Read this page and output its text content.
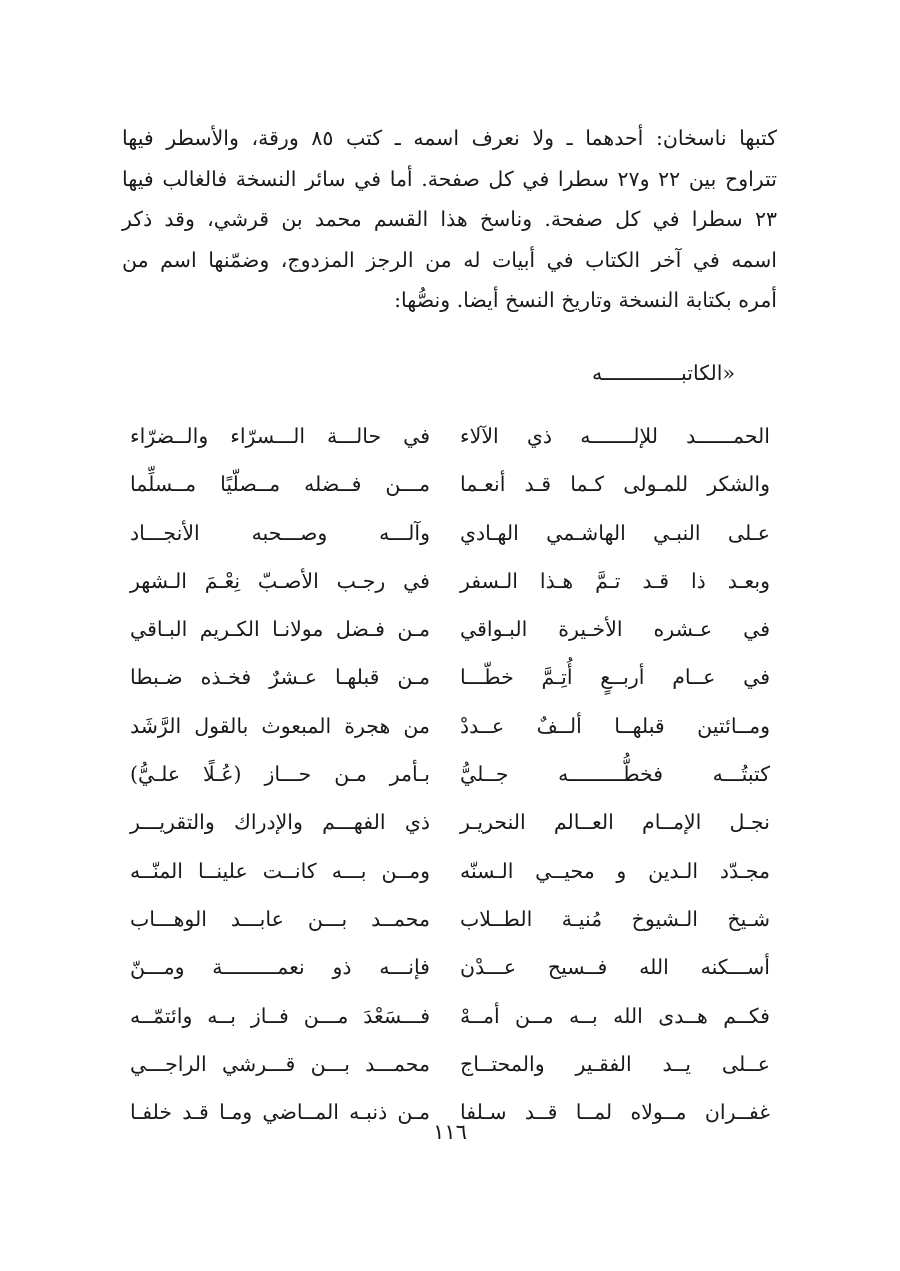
كتبها ناسخان: أحدهما ـ ولا نعرف اسمه ـ كتب ٨٥ ورقة، والأسطر فيها
تتراوح بين ٢٢ و٢٧ سطرا في كل صفحة. أما في سائر النسخة فالغالب فيها
٢٣ سطرا في كل صفحة. وناسخ هذا القسم محمد بن قرشي، وقد ذكر
اسمه في آخر الكتاب في أبيات له من الرجز المزدوج، وضمّنها اسم من
أمره بكتابة النسخة وتاريخ النسخ أيضا. ونصُّها:

«الكاتبـــــــــــــه

الحمــــــد للإلـــــــه ذي الآلاء
والشكر للمـولى كـما قـد أنعـما
عـلى النبـي الهاشـمي الهـادي
وبعـد ذا قـد تـمَّ هـذا الـسفر
في عـشره الأخـيرة البـواقي
في عــام أربــعٍ أُتِـمَّ خطّـــا
ومــائتين قبلهــا ألــفٌ عــددْ
كتبتُـــه فخطُّـــــــــه جــليُّ
نجـل الإمــام العــالم النحريـر
مجـدّد الـدين و محيــي الـسنّه
شـيخ الـشيوخ مُنيـة الطــلاب
أســـكنه الله فــسيح عـــدْن
فكــم هــدى الله بــه مــن أمــهْ
عــلى يــد الفقـير والمحتــاج
غفــران مــولاه لمــا قــد سـلفا
في حالـــة الـــسرّاء والــضرّاء
مـــن فــضله مــصلّيًا مــسلِّما
وآلـــه وصـــحبه الأنجـــاد
في رجـب الأصـبّ نِعْـمَ الـشهر
مـن فـضل مولانـا الكـريم البـاقي
مـن قبلهـا عـشرٌ فخـذه ضـبطا
من هجرة المبعوث بالقول الرَّشَد
بـأمر مـن حـــاز (عُـلًا علـيُّ)
ذي الفهـــم والإدراك والتقريـــر
ومــن بـــه كانــت علينــا المنّــه
محمــد بـــن عابـــد الوهـــاب
فإنـــه ذو نعمـــــــــة ومـــنّ
فـــسَعْدَ مـــن فــاز بــه وائتمّــه
محمـــد بـــن قـــرشي الراجـــي
مـن ذنبـه المــاضي ومـا قـد خلفـا
١١٦
